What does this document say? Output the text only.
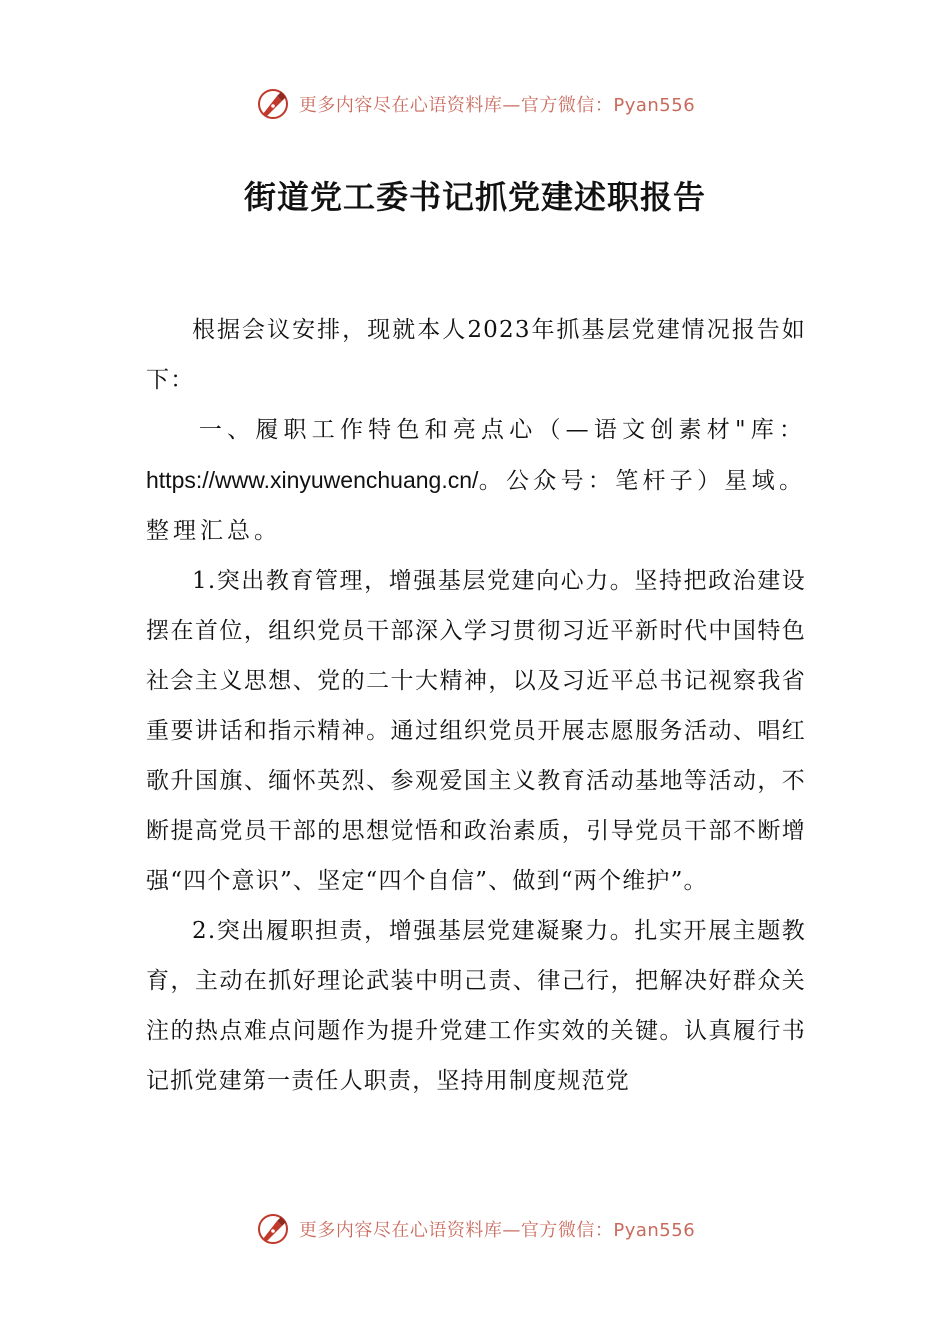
更多内容尽在心语资料库—官方微信：Pyan556
街道党工委书记抓党建述职报告

根据会议安排，现就本人2023年抓基层党建情况报告如下：

一、履职工作特色和亮点心（—语文创素材"库：https://www.xinyuwenchuang.cn/。公众号：笔杆子）星域。整理汇总。

1.突出教育管理，增强基层党建向心力。坚持把政治建设摆在首位，组织党员干部深入学习贯彻习近平新时代中国特色社会主义思想、党的二十大精神，以及习近平总书记视察我省重要讲话和指示精神。通过组织党员开展志愿服务活动、唱红歌升国旗、缅怀英烈、参观爱国主义教育活动基地等活动，不断提高党员干部的思想觉悟和政治素质，引导党员干部不断增强“四个意识”、坚定“四个自信”、做到“两个维护”。

2.突出履职担责，增强基层党建凝聚力。扎实开展主题教育，主动在抓好理论武装中明己责、律己行，把解决好群众关注的热点难点问题作为提升党建工作实效的关键。认真履行书记抓党建第一责任人职责，坚持用制度规范党

更多内容尽在心语资料库—官方微信：Pyan556
